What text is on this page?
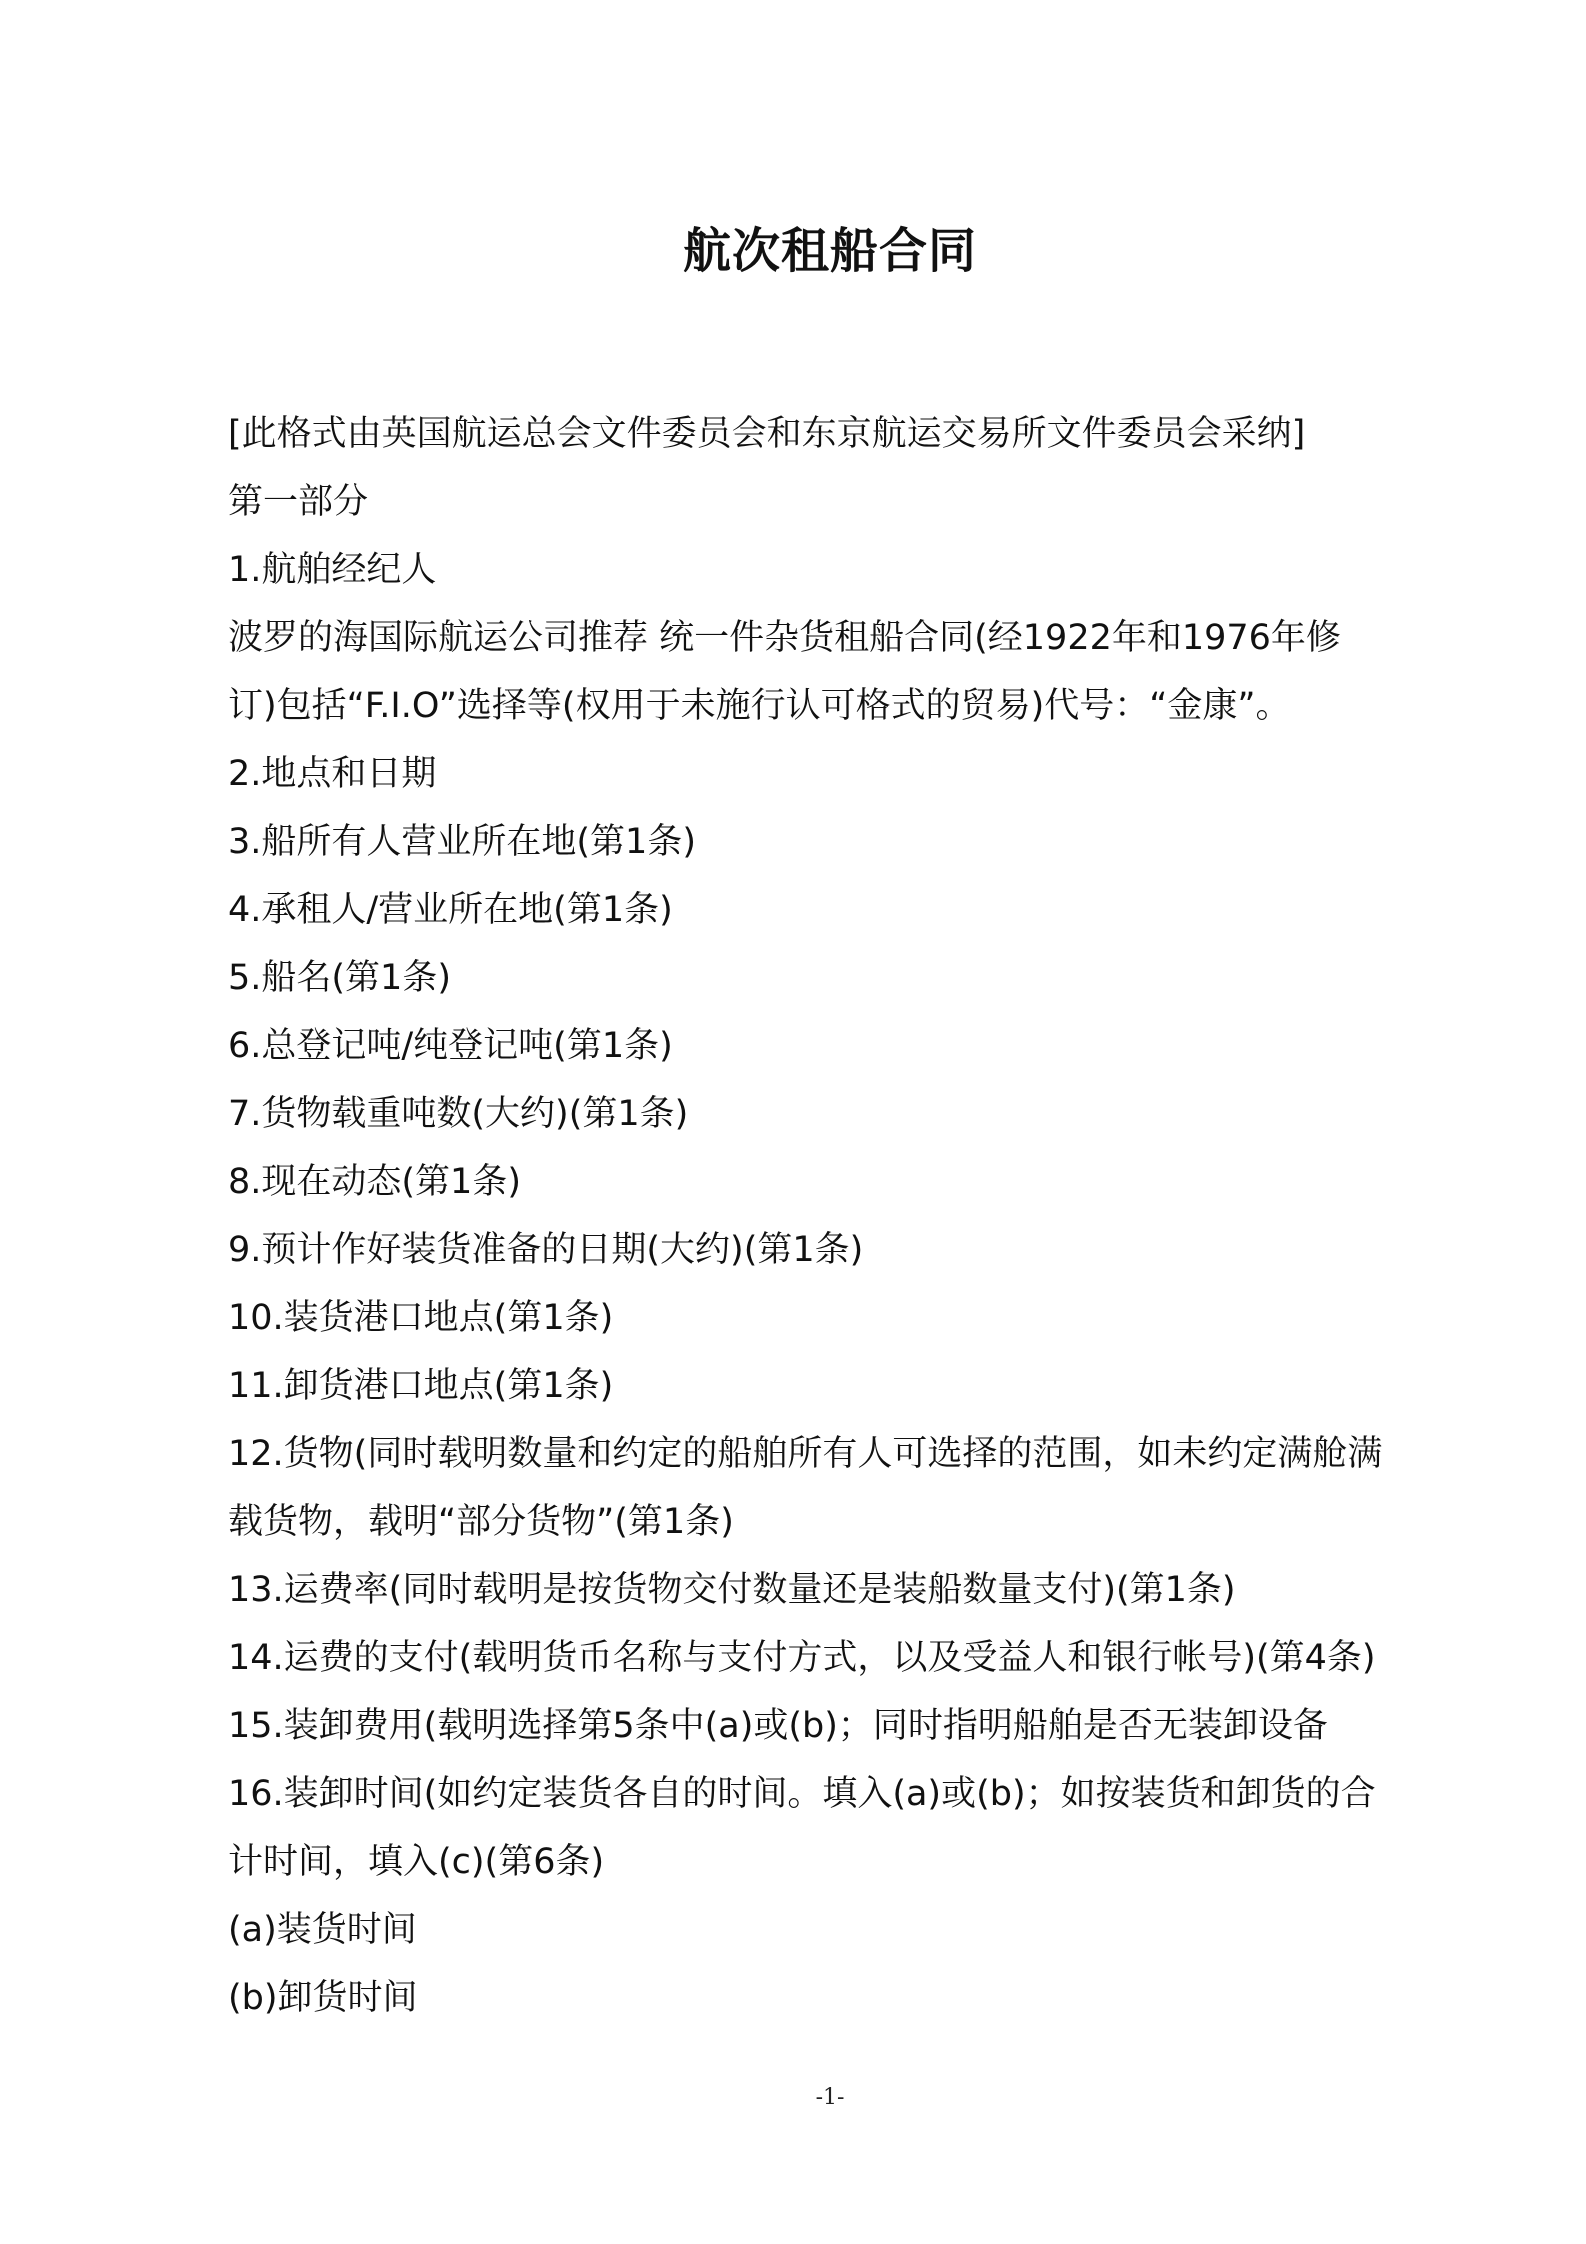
航次租船合同

[此格式由英国航运总会文件委员会和东京航运交易所文件委员会采纳]

第一部分

1.航舶经纪人

波罗的海国际航运公司推荐 统一件杂货租船合同(经1922年和1976年修

订)包括“F.I.O”选择等(权用于未施行认可格式的贸易)代号：“金康”。

2.地点和日期

3.船所有人营业所在地(第1条)

4.承租人/营业所在地(第1条)

5.船名(第1条)

6.总登记吨/纯登记吨(第1条)

7.货物载重吨数(大约)(第1条)

8.现在动态(第1条)

9.预计作好装货准备的日期(大约)(第1条)

10.装货港口地点(第1条)

11.卸货港口地点(第1条)

12.货物(同时载明数量和约定的船舶所有人可选择的范围，如未约定满舱满

载货物，载明“部分货物”(第1条)

13.运费率(同时载明是按货物交付数量还是装船数量支付)(第1条)

14.运费的支付(载明货币名称与支付方式，以及受益人和银行帐号)(第4条)

15.装卸费用(载明选择第5条中(a)或(b)；同时指明船舶是否无装卸设备

16.装卸时间(如约定装货各自的时间。填入(a)或(b)；如按装货和卸货的合

计时间，填入(c)(第6条)

(a)装货时间

(b)卸货时间

-1-
